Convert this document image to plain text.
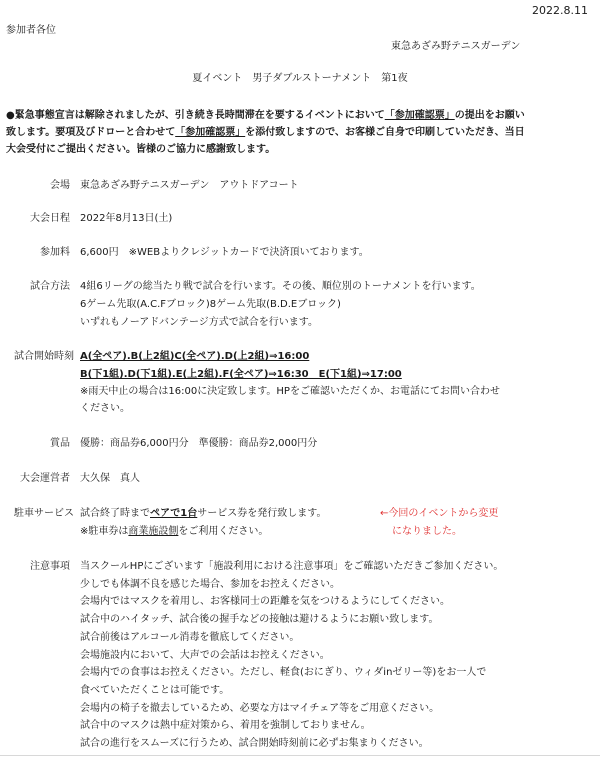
2022.8.11
参加者各位
東急あざみ野テニスガーデン
夏イベント　男子ダブルストーナメント　第1夜
●緊急事態宣言は解除されましたが、引き続き長時間滞在を要するイベントにおいて「参加確認票」の提出をお願い致します。要項及びドローと合わせて「参加確認票」を添付致しますので、お客様ご自身で印刷していただき、当日大会受付にご提出ください。皆様のご協力に感謝致します。
会場 東急あざみ野テニスガーデン　アウトドアコート
大会日程 2022年8月13日(土)
参加料 6,600円　※WEBよりクレジットカードで決済頂いております。
試合方法 4組6リーグの総当たり戦で試合を行います。その後、順位別のトーナメントを行います。
6ゲーム先取(A.C.Fブロック)8ゲーム先取(B.D.Eブロック)
いずれもノーアドバンテージ方式で試合を行います。
試合開始時刻 A(全ペア).B(上2組)C(全ペア).D(上2組)⇒16:00
B(下1組).D(下1組).E(上2組).F(全ペア)⇒16:30　E(下1組)⇒17:00
※雨天中止の場合は16:00に決定致します。HPをご確認いただくか、お電話にてお問い合わせ
ください。
賞品 優勝：商品券6,000円分　準優勝：商品券2,000円分
大会運営者 大久保　真人
駐車サービス 試合終了時までペアで1台サービス券を発行致します。
※駐車券は商業施設側をご利用ください。
←今回のイベントから変更
になりました。
注意事項 当スクールHPにございます「施設利用における注意事項」をご確認いただきご参加ください。
少しでも体調不良を感じた場合、参加をお控えください。
会場内ではマスクを着用し、お客様同士の距離を気をつけるようにしてください。
試合中のハイタッチ、試合後の握手などの接触は避けるようにお願い致します。
試合前後はアルコール消毒を徹底してください。
会場施設内において、大声での会話はお控えください。
会場内での食事はお控えください。ただし、軽食(おにぎり、ウィダinゼリー等)をお一人で
食べていただくことは可能です。
会場内の椅子を撤去しているため、必要な方はマイチェア等をご用意ください。
試合中のマスクは熱中症対策から、着用を強制しておりません。
試合の進行をスムーズに行うため、試合開始時刻前に必ずお集まりください。
